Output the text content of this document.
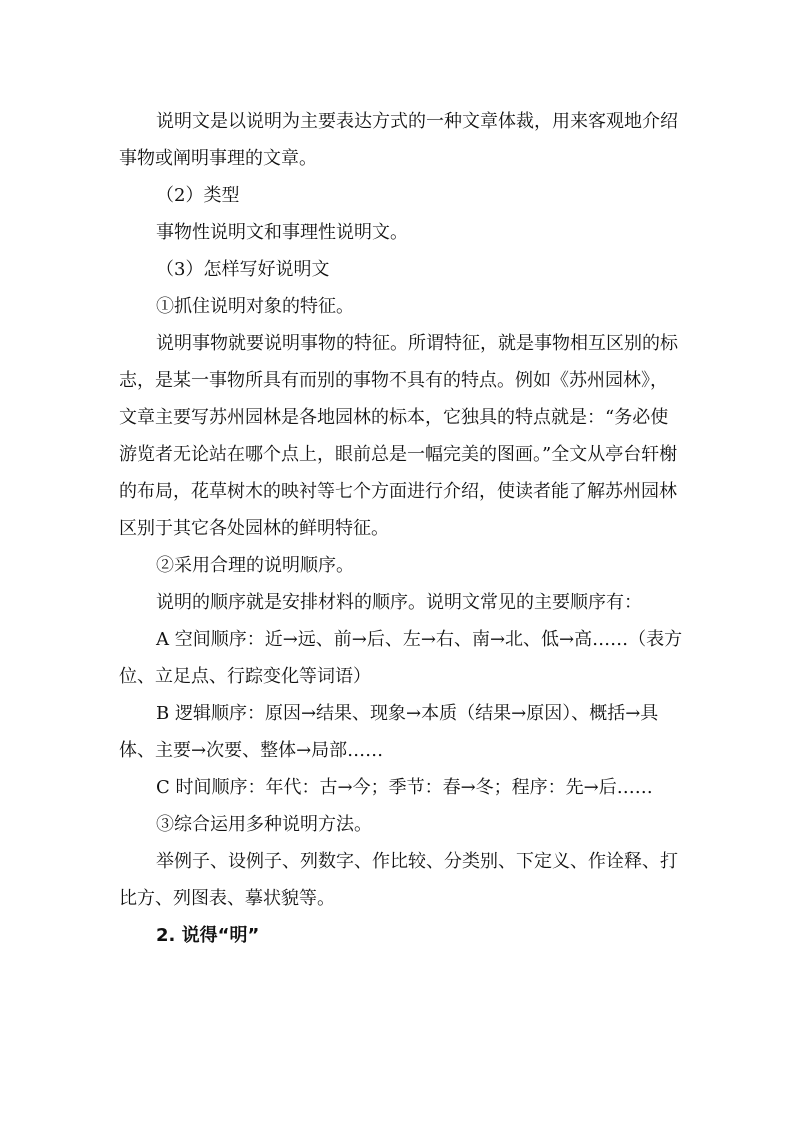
说明文是以说明为主要表达方式的一种文章体裁，用来客观地介绍事物或阐明事理的文章。

（2）类型

事物性说明文和事理性说明文。

（3）怎样写好说明文

①抓住说明对象的特征。

说明事物就要说明事物的特征。所谓特征，就是事物相互区别的标志，是某一事物所具有而别的事物不具有的特点。例如《苏州园林》，文章主要写苏州园林是各地园林的标本，它独具的特点就是：“务必使游览者无论站在哪个点上，眼前总是一幅完美的图画。”全文从亭台轩榭的布局，花草树木的映衬等七个方面进行介绍，使读者能了解苏州园林区别于其它各处园林的鲜明特征。

②采用合理的说明顺序。

说明的顺序就是安排材料的顺序。说明文常见的主要顺序有：

A 空间顺序：近→远、前→后、左→右、南→北、低→高……（表方位、立足点、行踪变化等词语）

B 逻辑顺序：原因→结果、现象→本质（结果→原因）、概括→具体、主要→次要、整体→局部……

C 时间顺序：年代：古→今；季节：春→冬；程序：先→后……

③综合运用多种说明方法。

举例子、设例子、列数字、作比较、分类别、下定义、作诠释、打比方、列图表、摹状貌等。

2. 说得“明”
